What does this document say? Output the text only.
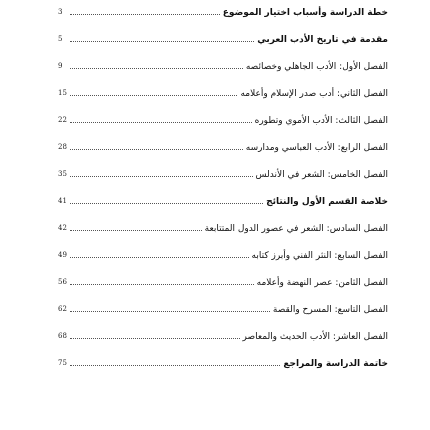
3	خطة الدراسة وأسباب اختيار الموضوع
5	مقدمة في تاريخ الأدب العربي
9	الفصل الأول: الأدب الجاهلي وخصائصه
15	الفصل الثاني: أدب صدر الإسلام وأعلامه
22	الفصل الثالث: الأدب الأموي وتطوره
28	الفصل الرابع: الأدب العباسي ومدارسه
35	الفصل الخامس: الشعر في الأندلس
41	خلاصة القسم الأول والنتائج
42	الفصل السادس: الشعر في عصور الدول المتتابعة
49	الفصل السابع: النثر الفني وأبرز كتابه
56	الفصل الثامن: عصر النهضة وأعلامه
62	الفصل التاسع: المسرح والقصة
68	الفصل العاشر: الأدب الحديث والمعاصر
75	خاتمة الدراسة والمراجع
